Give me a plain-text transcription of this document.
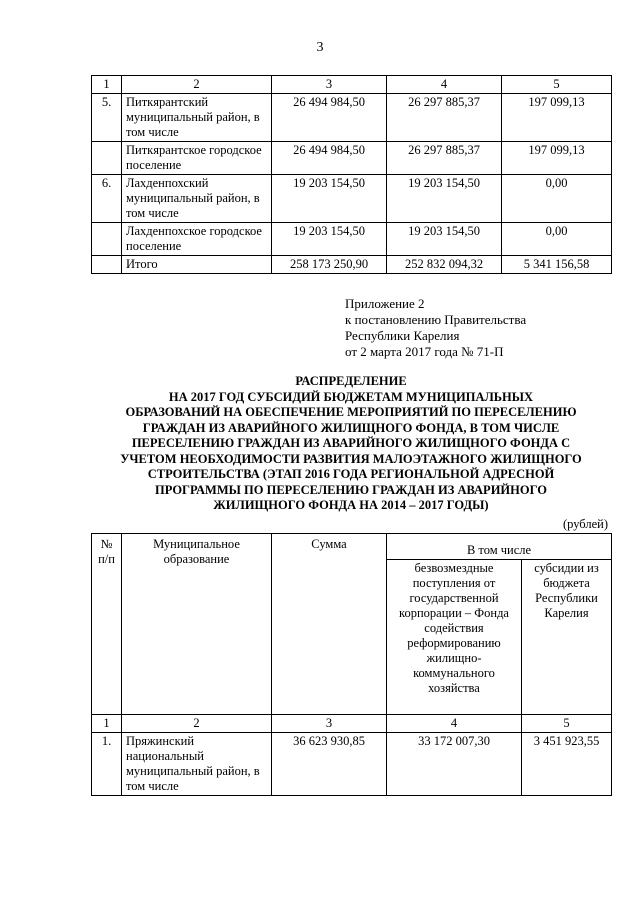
3
1	2	3	4	5
5.	Питкярантский муниципальный район, в том числе	26 494 984,50	26 297 885,37	197 099,13
	Питкярантское городское поселение	26 494 984,50	26 297 885,37	197 099,13
6.	Лахденпохский муниципальный район, в том числе	19 203 154,50	19 203 154,50	0,00
	Лахденпохское городское поселение	19 203 154,50	19 203 154,50	0,00
	Итого	258 173 250,90	252 832 094,32	5 341 156,58
Приложение 2
к постановлению Правительства
Республики Карелия
от 2 марта 2017 года № 71-П
РАСПРЕДЕЛЕНИЕ
НА 2017 ГОД СУБСИДИЙ БЮДЖЕТАМ МУНИЦИПАЛЬНЫХ
ОБРАЗОВАНИЙ НА ОБЕСПЕЧЕНИЕ МЕРОПРИЯТИЙ ПО ПЕРЕСЕЛЕНИЮ
ГРАЖДАН ИЗ АВАРИЙНОГО ЖИЛИЩНОГО ФОНДА, В ТОМ ЧИСЛЕ
ПЕРЕСЕЛЕНИЮ ГРАЖДАН ИЗ АВАРИЙНОГО ЖИЛИЩНОГО ФОНДА С
УЧЕТОМ НЕОБХОДИМОСТИ РАЗВИТИЯ МАЛОЭТАЖНОГО ЖИЛИЩНОГО
СТРОИТЕЛЬСТВА (ЭТАП 2016 ГОДА РЕГИОНАЛЬНОЙ АДРЕСНОЙ
ПРОГРАММЫ ПО ПЕРЕСЕЛЕНИЮ ГРАЖДАН ИЗ АВАРИЙНОГО
ЖИЛИЩНОГО ФОНДА НА 2014 – 2017 ГОДЫ)
(рублей)
№ п/п	Муниципальное образование	Сумма	В том числе	
			безвозмездные поступления от государственной корпорации – Фонда содействия реформированию жилищно-коммунального хозяйства	субсидии из бюджета Республики Карелия
1	2	3	4	5
1.	Пряжинский национальный муниципальный район, в том числе	36 623 930,85	33 172 007,30	3 451 923,55
